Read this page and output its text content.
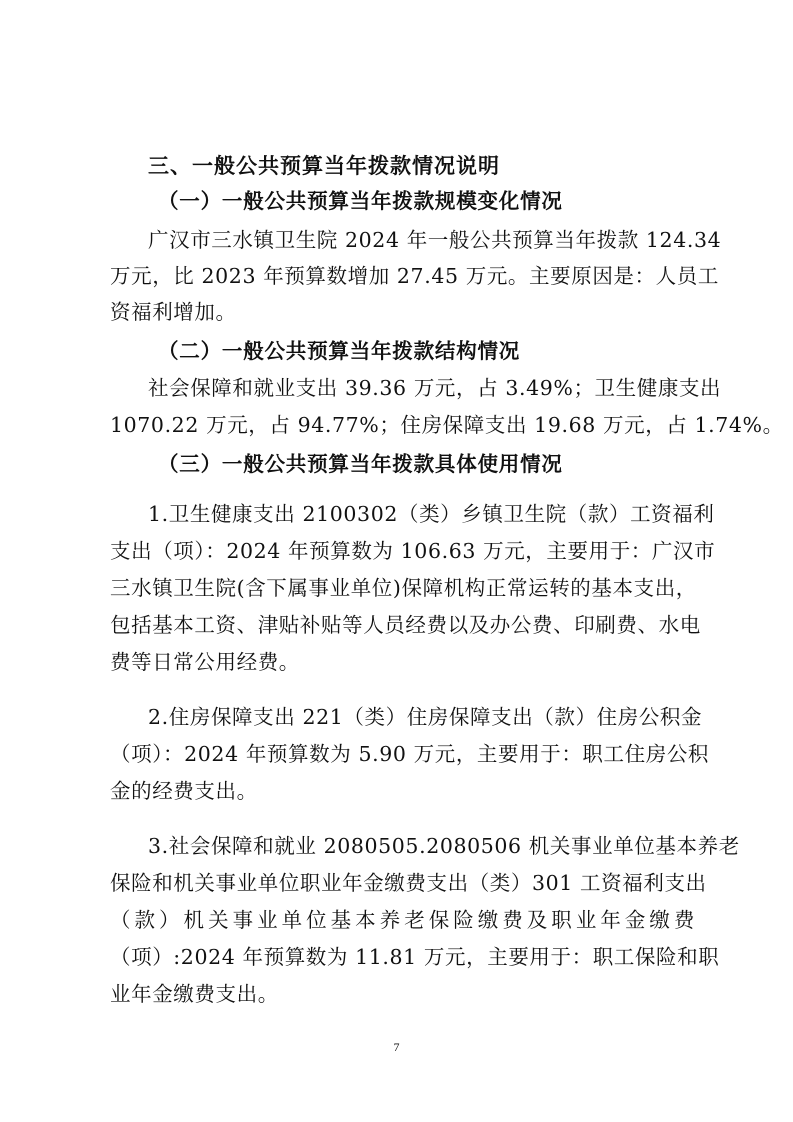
三、一般公共预算当年拨款情况说明
（一）一般公共预算当年拨款规模变化情况
广汉市三水镇卫生院 2024 年一般公共预算当年拨款 124.34
万元，比 2023 年预算数增加 27.45 万元。主要原因是：人员工
资福利增加。
（二）一般公共预算当年拨款结构情况
社会保障和就业支出 39.36 万元，占 3.49%；卫生健康支出
1070.22 万元，占 94.77%；住房保障支出 19.68 万元，占 1.74%。
（三）一般公共预算当年拨款具体使用情况
1.卫生健康支出 2100302（类）乡镇卫生院（款）工资福利
支出（项）：2024 年预算数为 106.63 万元，主要用于：广汉市
三水镇卫生院(含下属事业单位)保障机构正常运转的基本支出，
包括基本工资、津贴补贴等人员经费以及办公费、印刷费、水电
费等日常公用经费。
2.住房保障支出 221（类）住房保障支出（款）住房公积金
（项）：2024 年预算数为 5.90 万元，主要用于：职工住房公积
金的经费支出。
3.社会保障和就业 2080505.2080506 机关事业单位基本养老
保险和机关事业单位职业年金缴费支出（类）301 工资福利支出
（款）机关事业单位基本养老保险缴费及职业年金缴费
（项）:2024 年预算数为 11.81 万元，主要用于：职工保险和职
业年金缴费支出。
7
